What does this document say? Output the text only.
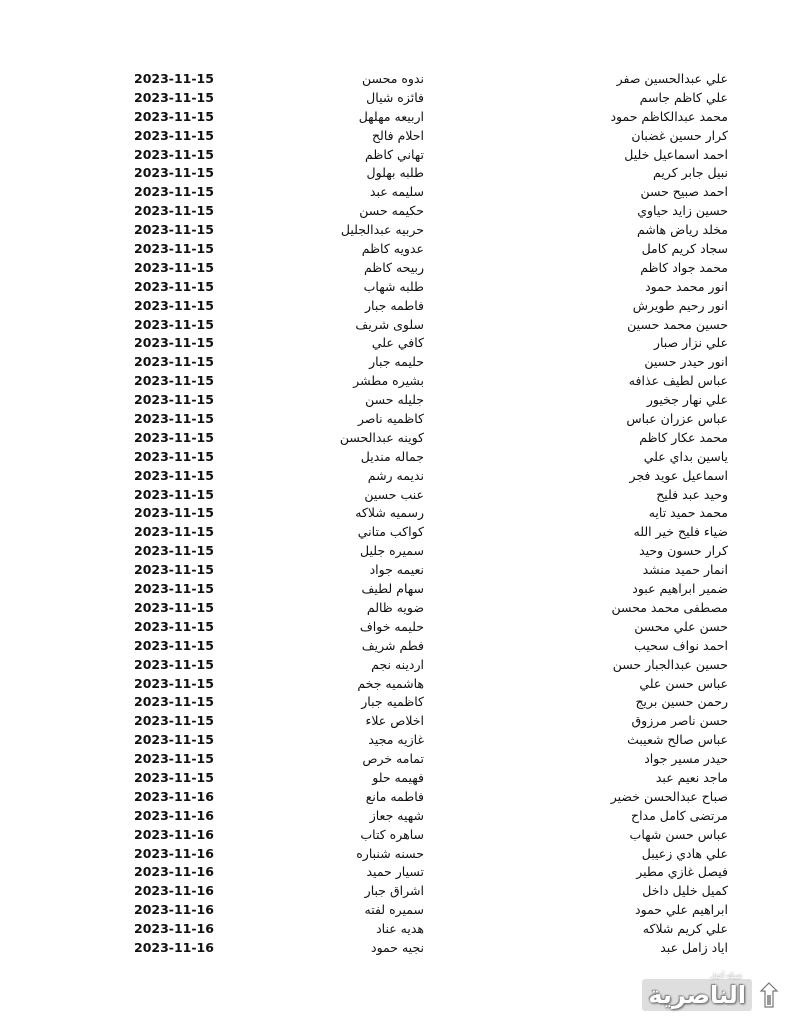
2023-11-15	ندوه محسن	علي عبدالحسين صفر
2023-11-15	فائزه شيال	علي كاظم جاسم
2023-11-15	اربيعه مهلهل	محمد عبدالكاظم حمود
2023-11-15	احلام فالح	كرار حسين غضبان
2023-11-15	تهاني كاظم	احمد اسماعيل خليل
2023-11-15	طلبه بهلول	نبيل جابر كريم
2023-11-15	سليمه عبد	احمد صبيح حسن
2023-11-15	حكيمه حسن	حسين زايد حياوي
2023-11-15	حربيه عبدالجليل	مخلد رياض هاشم
2023-11-15	عدويه كاظم	سجاد كريم كامل
2023-11-15	ربيحه كاظم	محمد جواد كاظم
2023-11-15	طلبه شهاب	انور محمد حمود
2023-11-15	فاطمه جبار	انور رحيم طويرش
2023-11-15	سلوى شريف	حسين محمد حسين
2023-11-15	كافي علي	علي نزار صبار
2023-11-15	حليمه جبار	انور حيدر حسين
2023-11-15	بشيره مطشر	عباس لطيف عذافه
2023-11-15	جليله حسن	علي نهار جخيور
2023-11-15	كاظميه ناصر	عباس عزران عباس
2023-11-15	كوينه عبدالحسن	محمد عكار كاظم
2023-11-15	جماله منديل	ياسين بداي علي
2023-11-15	نديمه رشم	اسماعيل عويد فجر
2023-11-15	عنب حسين	وحيد عبد فليح
2023-11-15	رسميه شلاكه	محمد حميد تايه
2023-11-15	كواكب متاني	ضياء فليح خير الله
2023-11-15	سميره جليل	كرار حسون وحيد
2023-11-15	نعيمه جواد	انمار حميد منشد
2023-11-15	سهام لطيف	ضمير ابراهيم عبود
2023-11-15	ضويه ظالم	مصطفى محمد محسن
2023-11-15	حليمه خواف	حسن علي محسن
2023-11-15	فطم شريف	احمد نواف سحيب
2023-11-15	اردينه نجم	حسين عبدالجبار حسن
2023-11-15	هاشميه جخم	عباس حسن علي
2023-11-15	كاظميه جبار	رحمن حسين بريج
2023-11-15	اخلاص علاء	حسن ناصر مرزوق
2023-11-15	غازيه مجيد	عباس صالح شعيبث
2023-11-15	تمامه خرص	حيدر مسير جواد
2023-11-15	فهيمه حلو	ماجد نعيم عبد
2023-11-16	فاطمه مانع	صباح عبدالحسن خضير
2023-11-16	شهيه جعاز	مرتضى كامل مداح
2023-11-16	ساهره كتاب	عباس حسن شهاب
2023-11-16	حسنه شنباره	علي هادي زعيبل
2023-11-16	تسيار حميد	فيصل غازي مطير
2023-11-16	اشراق جبار	كميل خليل داخل
2023-11-16	سميره لفته	ابراهيم علي حمود
2023-11-16	هديه عناد	علي كريم شلاكه
2023-11-16	نجيه حمود	اياد زامل عبد
الناصرية
شبكة أخبار
